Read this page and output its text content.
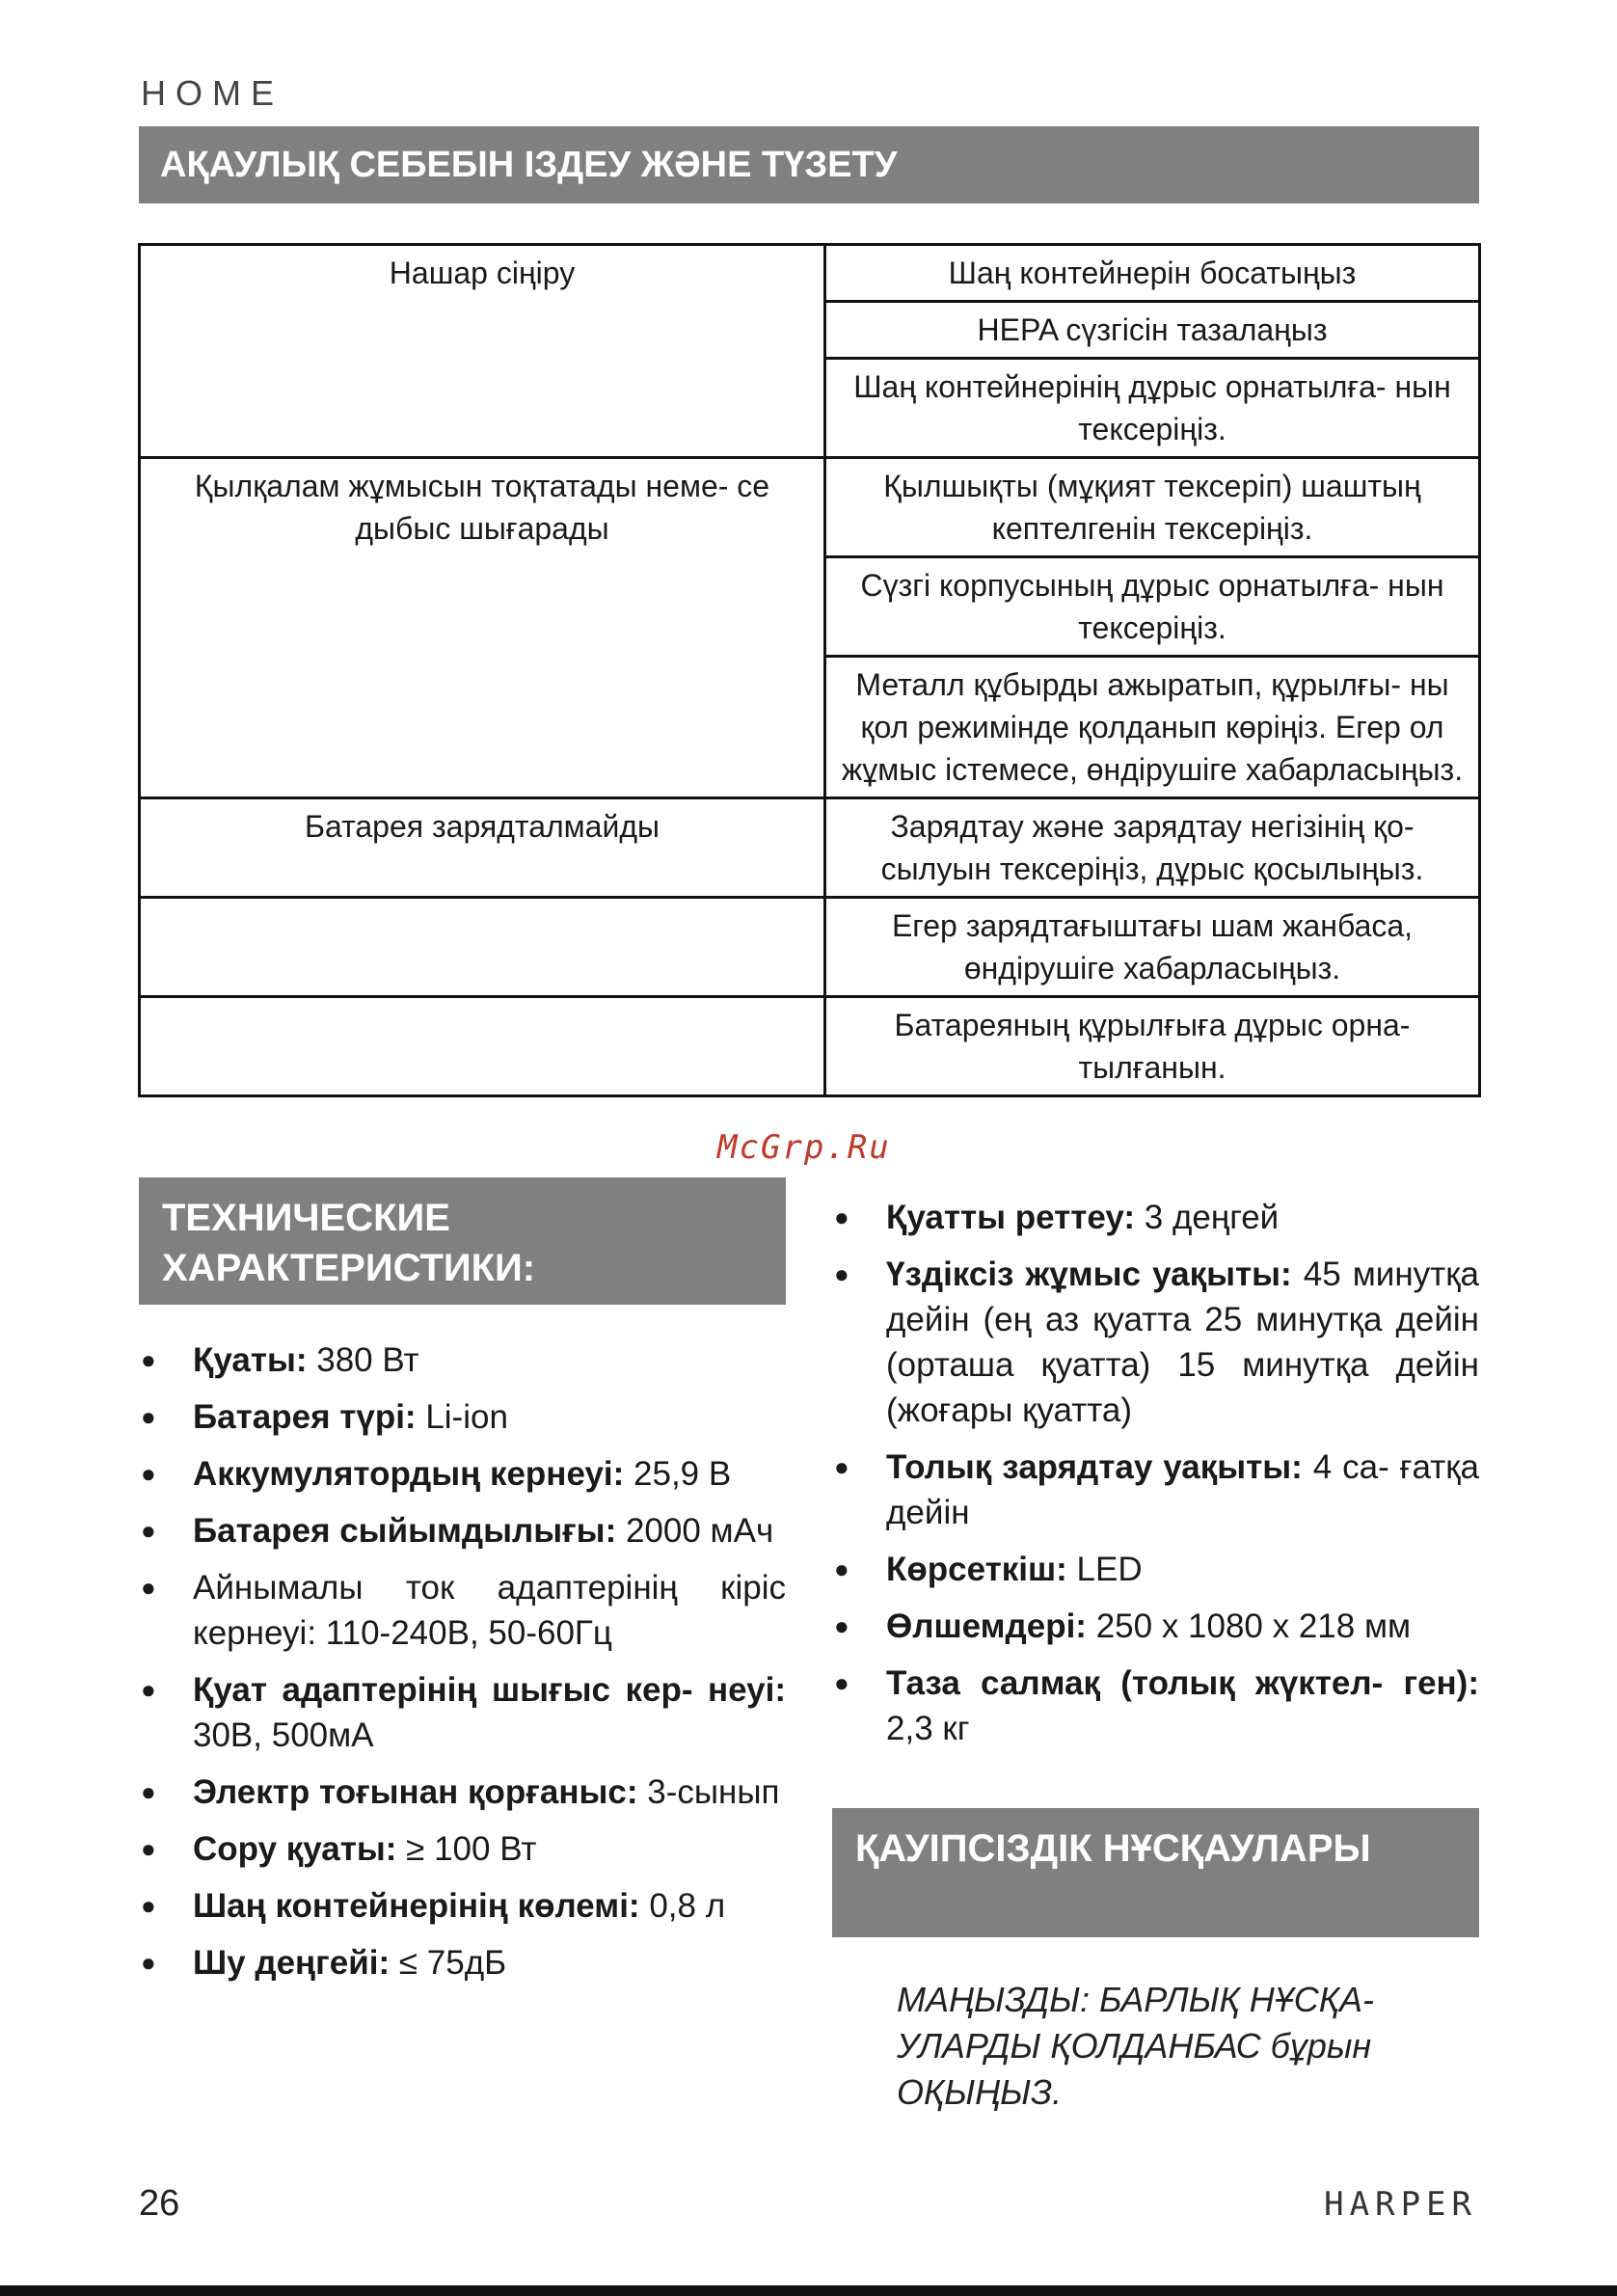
HOME
АҚАУЛЫҚ СЕБЕБІН ІЗДЕУ ЖӘНЕ ТҮЗЕТУ
Нашар сіңіру	Шаң контейнерін босатыңыз
	HEPA сүзгісін тазалаңыз
	Шаң контейнерінің дұрыс орнатылға- нын тексеріңіз.
Қылқалам жұмысын тоқтатады неме- се дыбыс шығарады	Қылшықты (мұқият тексеріп) шаштың кептелгенін тексеріңіз.
	Сүзгі корпусының дұрыс орнатылға- нын тексеріңіз.
	Металл құбырды ажыратып, құрылғы- ны қол режимінде қолданып көріңіз. Егер ол жұмыс істемесе, өндірушіге хабарласыңыз.
Батарея зарядталмайды	Зарядтау және зарядтау негізінің қо- сылуын тексеріңіз, дұрыс қосылыңыз.
	Егер зарядтағыштағы шам жанбаса, өндірушіге хабарласыңыз.
	Батареяның құрылғыға дұрыс орна- тылғанын.
McGrp.Ru
ТЕХНИЧЕСКИЕ ХАРАКТЕРИСТИКИ:
● Қуаты: 380 Вт
● Батарея түрі: Li-ion
● Аккумулятордың кернеуі: 25,9 В
● Батарея сыйымдылығы: 2000 мАч
● Айнымалы ток адаптерінің кіріс кернеуі: 110-240В, 50-60Гц
● Қуат адаптерінің шығыс кер- неуі: 30В, 500мА
● Электр тоғынан қорғаныс: 3-сынып
● Сору қуаты: ≥ 100 Вт
● Шаң контейнерінің көлемі: 0,8 л
● Шу деңгейі: ≤ 75дБ
● Қуатты реттеу: 3 деңгей
● Үздіксіз жұмыс уақыты: 45 минутқа дейін (ең аз қуатта 25 минутқа дейін (орташа қуатта) 15 минутқа дейін (жоғары қуатта)
● Толық зарядтау уақыты: 4 са- ғатқа дейін
● Көрсеткіш: LED
● Өлшемдері: 250 х 1080 х 218 мм
● Таза салмақ (толық жүктел- ген): 2,3 кг
ҚАУІПСІЗДІК НҰСҚАУЛАРЫ
МАҢЫЗДЫ: БАРЛЫҚ НҰСҚА- УЛАРДЫ ҚОЛДАНБАС бұрын ОҚЫҢЫЗ.
26	HARPER
